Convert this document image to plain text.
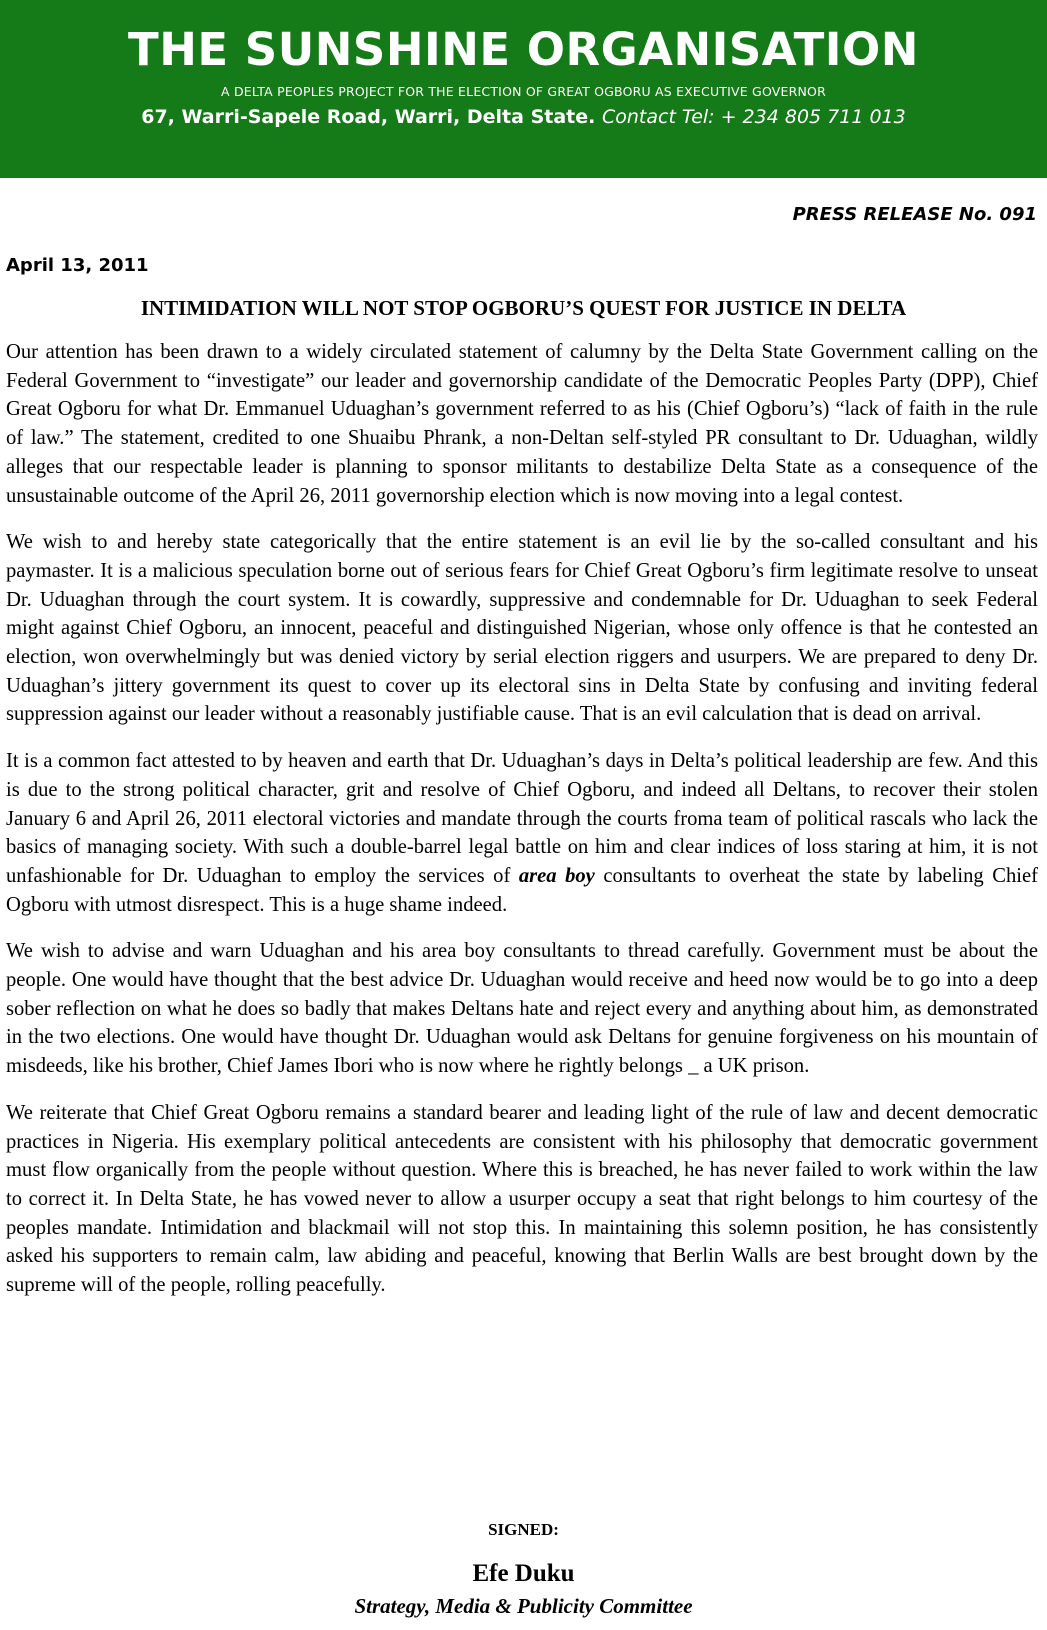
THE SUNSHINE ORGANISATION
A DELTA PEOPLES PROJECT FOR THE ELECTION OF GREAT OGBORU AS EXECUTIVE GOVERNOR
67, Warri-Sapele Road, Warri, Delta State. Contact Tel: + 234 805 711 013
PRESS RELEASE No. 091
April 13, 2011
INTIMIDATION WILL NOT STOP OGBORU’S QUEST FOR JUSTICE IN DELTA

Our attention has been drawn to a widely circulated statement of calumny by the Delta State Government calling on the Federal Government to “investigate” our leader and governorship candidate of the Democratic Peoples Party (DPP), Chief Great Ogboru for what Dr. Emmanuel Uduaghan’s government referred to as his (Chief Ogboru’s) “lack of faith in the rule of law.” The statement, credited to one Shuaibu Phrank, a non-Deltan self-styled PR consultant to Dr. Uduaghan, wildly alleges that our respectable leader is planning to sponsor militants to destabilize Delta State as a consequence of the unsustainable outcome of the April 26, 2011 governorship election which is now moving into a legal contest.

We wish to and hereby state categorically that the entire statement is an evil lie by the so-called consultant and his paymaster. It is a malicious speculation borne out of serious fears for Chief Great Ogboru’s firm legitimate resolve to unseat Dr. Uduaghan through the court system. It is cowardly, suppressive and condemnable for Dr. Uduaghan to seek Federal might against Chief Ogboru, an innocent, peaceful and distinguished Nigerian, whose only offence is that he contested an election, won overwhelmingly but was denied victory by serial election riggers and usurpers. We are prepared to deny Dr. Uduaghan’s jittery government its quest to cover up its electoral sins in Delta State by confusing and inviting federal suppression against our leader without a reasonably justifiable cause. That is an evil calculation that is dead on arrival.

It is a common fact attested to by heaven and earth that Dr. Uduaghan’s days in Delta’s political leadership are few. And this is due to the strong political character, grit and resolve of Chief Ogboru, and indeed all Deltans, to recover their stolen January 6 and April 26, 2011 electoral victories and mandate through the courts froma team of political rascals who lack the basics of managing society. With such a double-barrel legal battle on him and clear indices of loss staring at him, it is not unfashionable for Dr. Uduaghan to employ the services of area boy consultants to overheat the state by labeling Chief Ogboru with utmost disrespect. This is a huge shame indeed.

We wish to advise and warn Uduaghan and his area boy consultants to thread carefully. Government must be about the people. One would have thought that the best advice Dr. Uduaghan would receive and heed now would be to go into a deep sober reflection on what he does so badly that makes Deltans hate and reject every and anything about him, as demonstrated in the two elections. One would have thought Dr. Uduaghan would ask Deltans for genuine forgiveness on his mountain of misdeeds, like his brother, Chief James Ibori who is now where he rightly belongs _ a UK prison.

We reiterate that Chief Great Ogboru remains a standard bearer and leading light of the rule of law and decent democratic practices in Nigeria. His exemplary political antecedents are consistent with his philosophy that democratic government must flow organically from the people without question. Where this is breached, he has never failed to work within the law to correct it. In Delta State, he has vowed never to allow a usurper occupy a seat that right belongs to him courtesy of the peoples mandate. Intimidation and blackmail will not stop this. In maintaining this solemn position, he has consistently asked his supporters to remain calm, law abiding and peaceful, knowing that Berlin Walls are best brought down by the supreme will of the people, rolling peacefully.

SIGNED:
Efe Duku
Strategy, Media & Publicity Committee
